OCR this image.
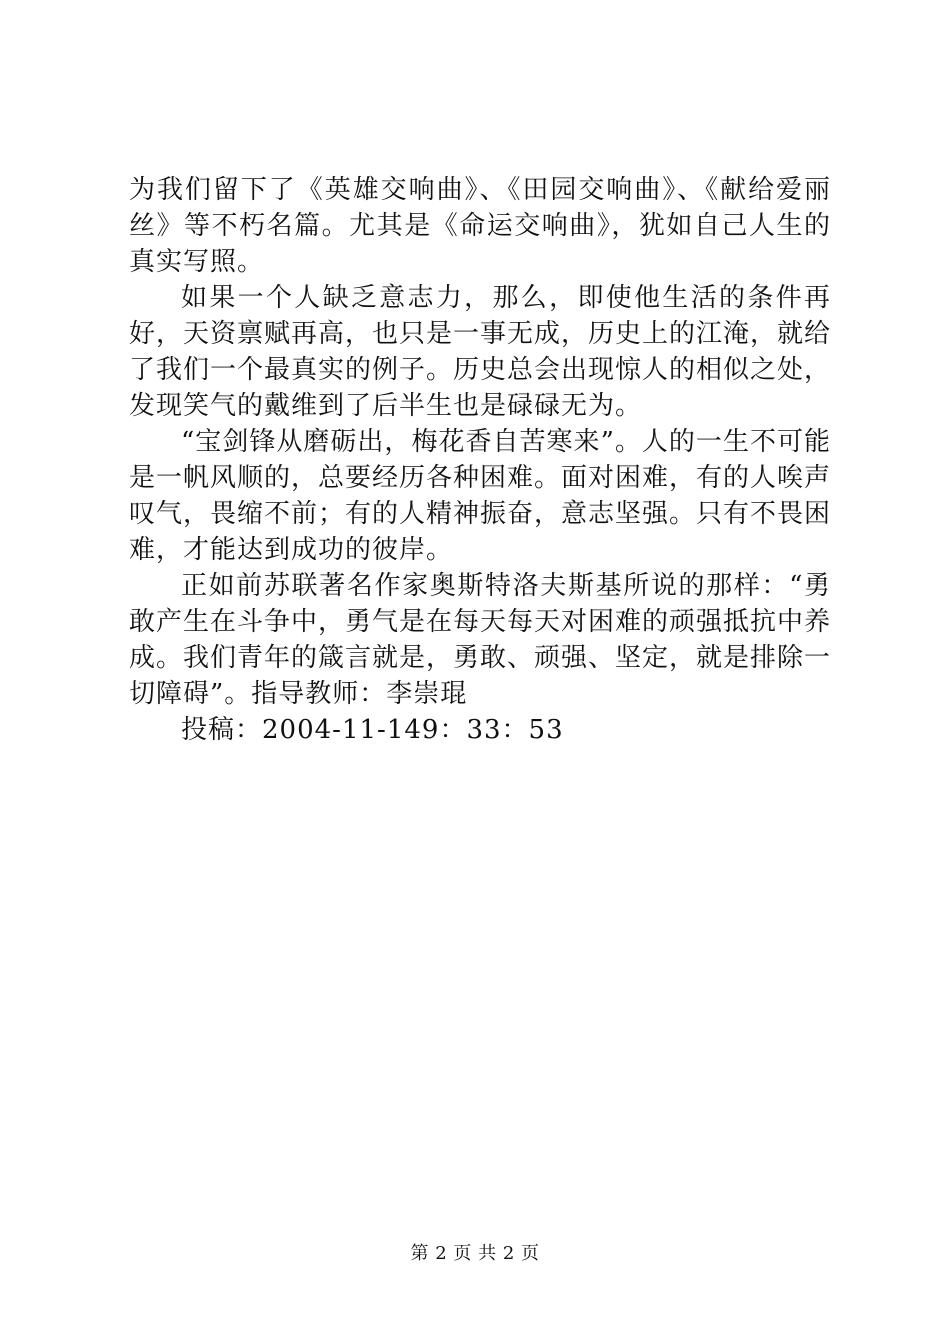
为我们留下了《英雄交响曲》、《田园交响曲》、《献给爱丽丝》等不朽名篇。尤其是《命运交响曲》，犹如自己人生的真实写照。

如果一个人缺乏意志力，那么，即使他生活的条件再好，天资禀赋再高，也只是一事无成，历史上的江淹，就给了我们一个最真实的例子。历史总会出现惊人的相似之处，发现笑气的戴维到了后半生也是碌碌无为。

“宝剑锋从磨砺出，梅花香自苦寒来”。人的一生不可能是一帆风顺的，总要经历各种困难。面对困难，有的人唉声叹气，畏缩不前；有的人精神振奋，意志坚强。只有不畏困难，才能达到成功的彼岸。

正如前苏联著名作家奥斯特洛夫斯基所说的那样：“勇敢产生在斗争中，勇气是在每天每天对困难的顽强抵抗中养成。我们青年的箴言就是，勇敢、顽强、坚定，就是排除一切障碍”。指导教师：李崇琨

投稿：2004-11-149：33：53

第 2 页 共 2 页
